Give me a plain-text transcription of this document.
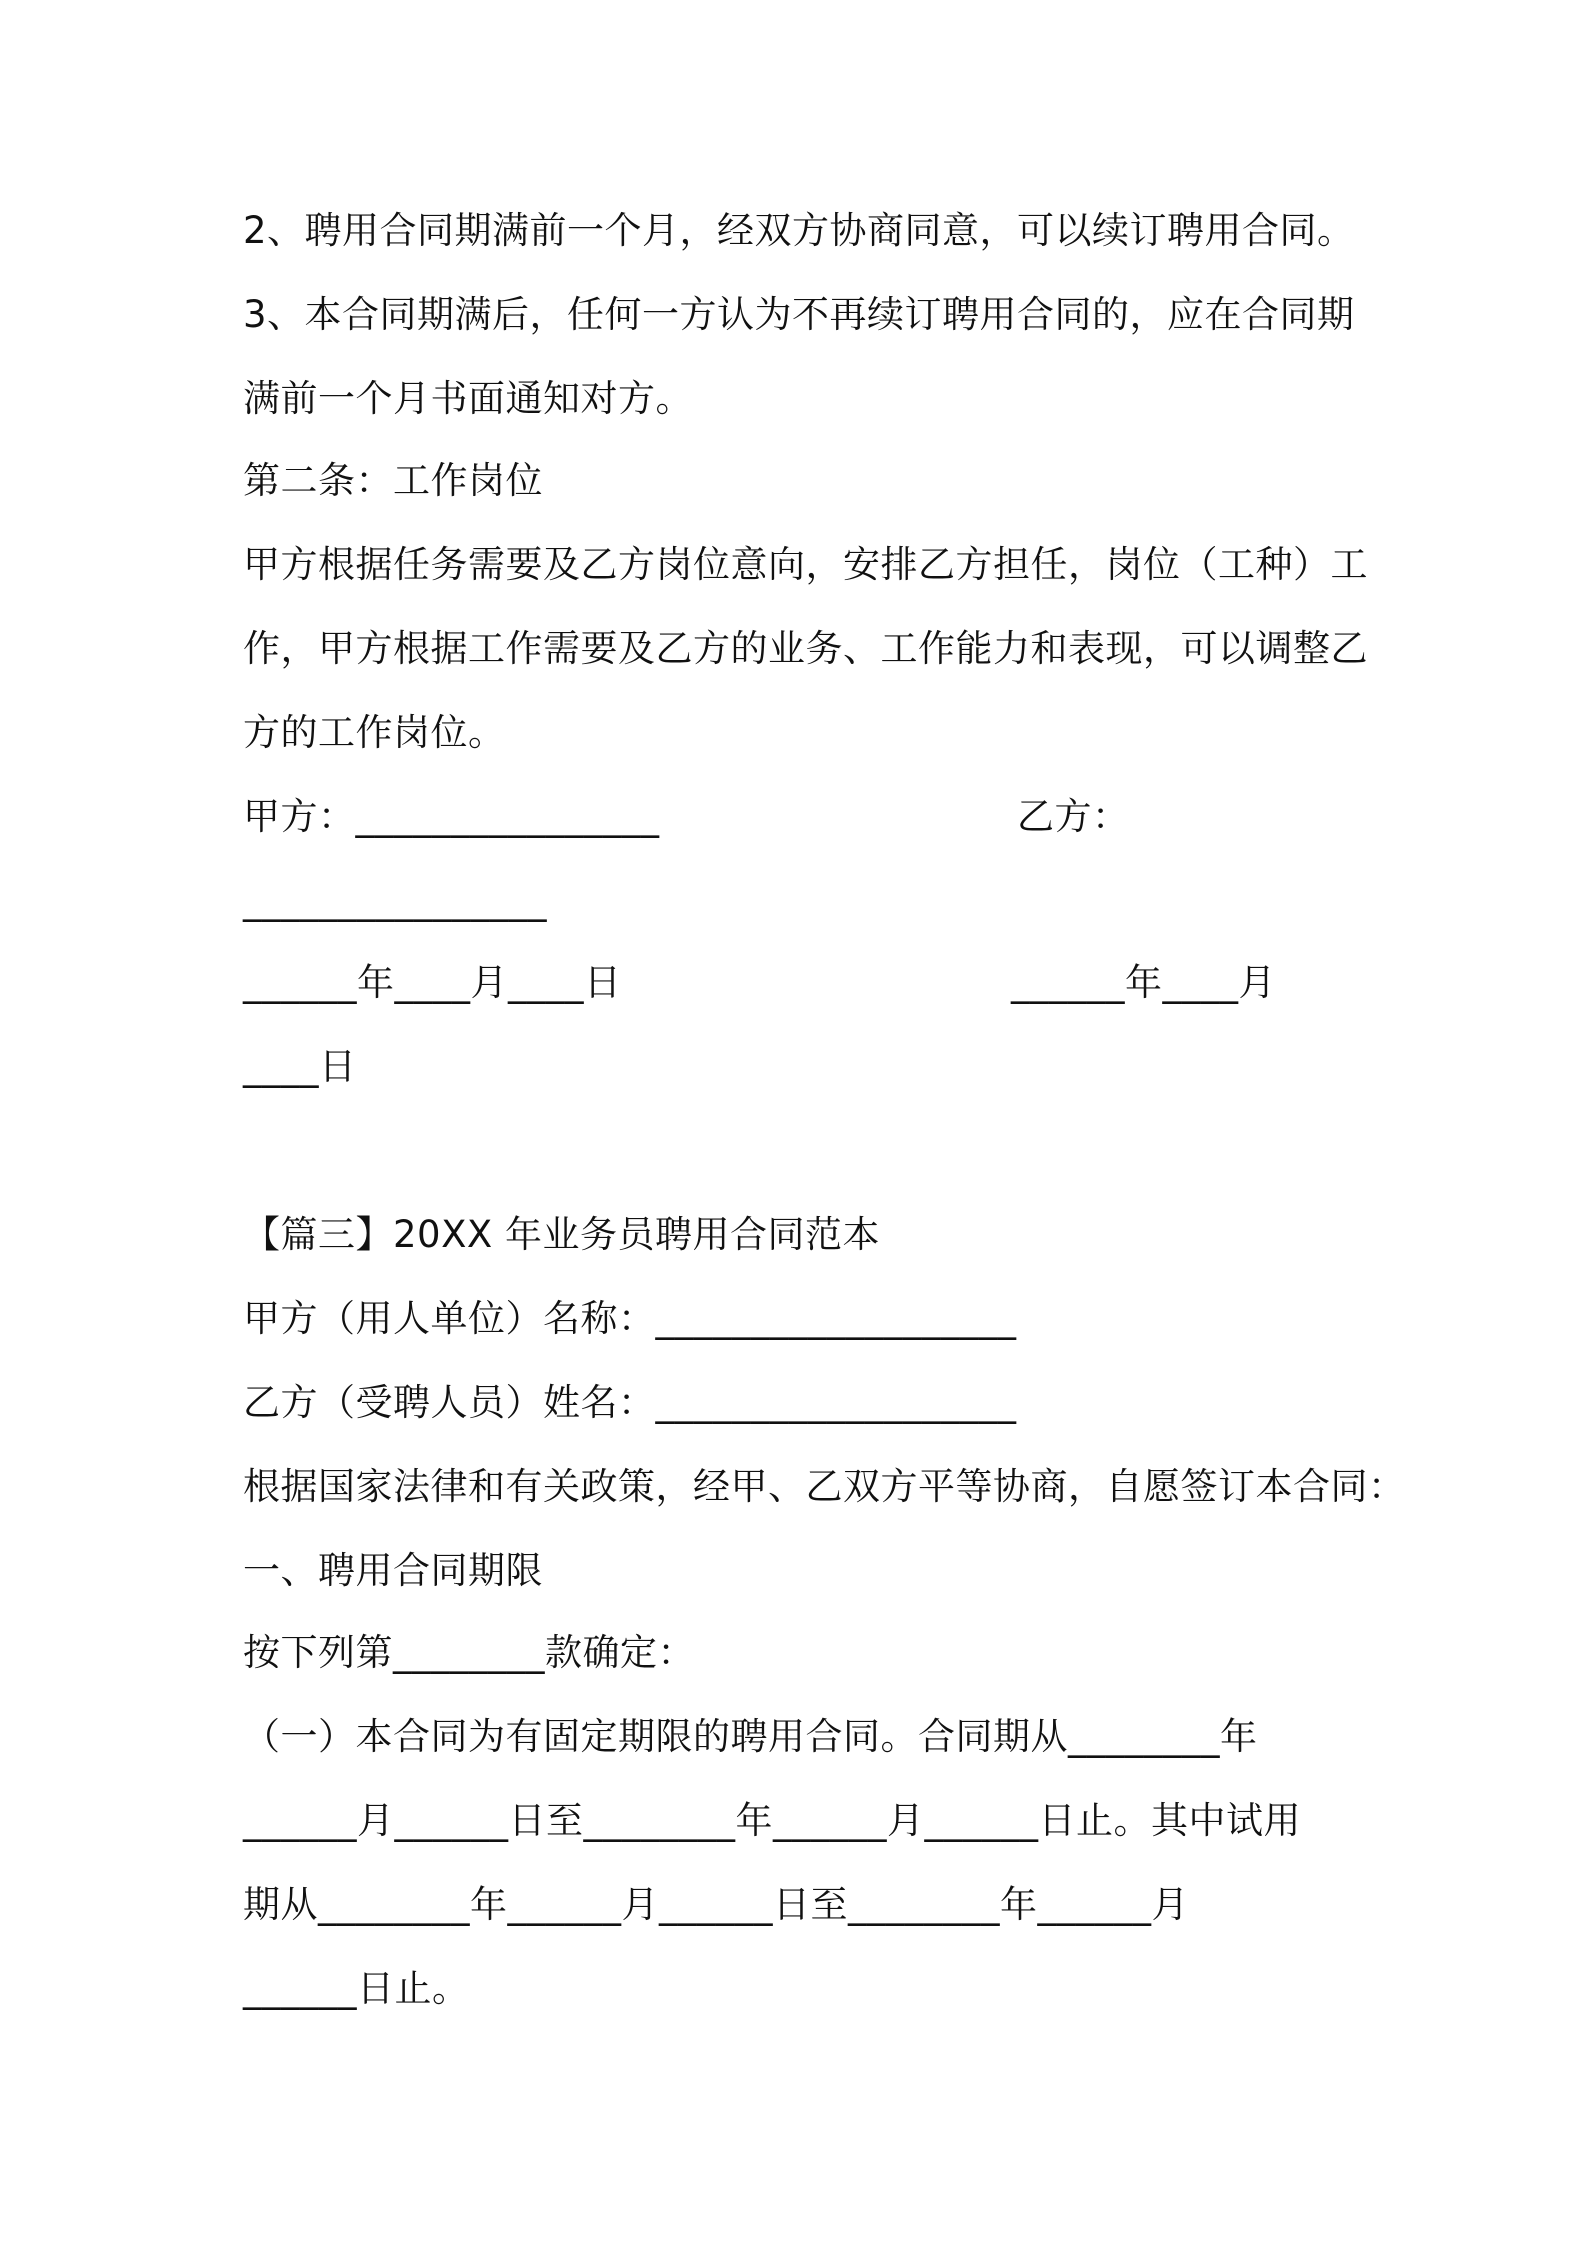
2、聘用合同期满前一个月，经双方协商同意，可以续订聘用合同。
3、本合同期满后，任何一方认为不再续订聘用合同的，应在合同期
满前一个月书面通知对方。
第二条：工作岗位
甲方根据任务需要及乙方岗位意向，安排乙方担任，岗位（工种）工
作，甲方根据工作需要及乙方的业务、工作能力和表现，可以调整乙
方的工作岗位。
甲方：________________	乙方：
________________
______年____月____日	______年____月
____日
【篇三】20XX 年业务员聘用合同范本
甲方（用人单位）名称：___________________
乙方（受聘人员）姓名：___________________
根据国家法律和有关政策，经甲、乙双方平等协商，自愿签订本合同：
一、聘用合同期限
按下列第________款确定：
（一）本合同为有固定期限的聘用合同。合同期从________年
______月______日至________年______月______日止。其中试用
期从________年______月______日至________年______月
______日止。
